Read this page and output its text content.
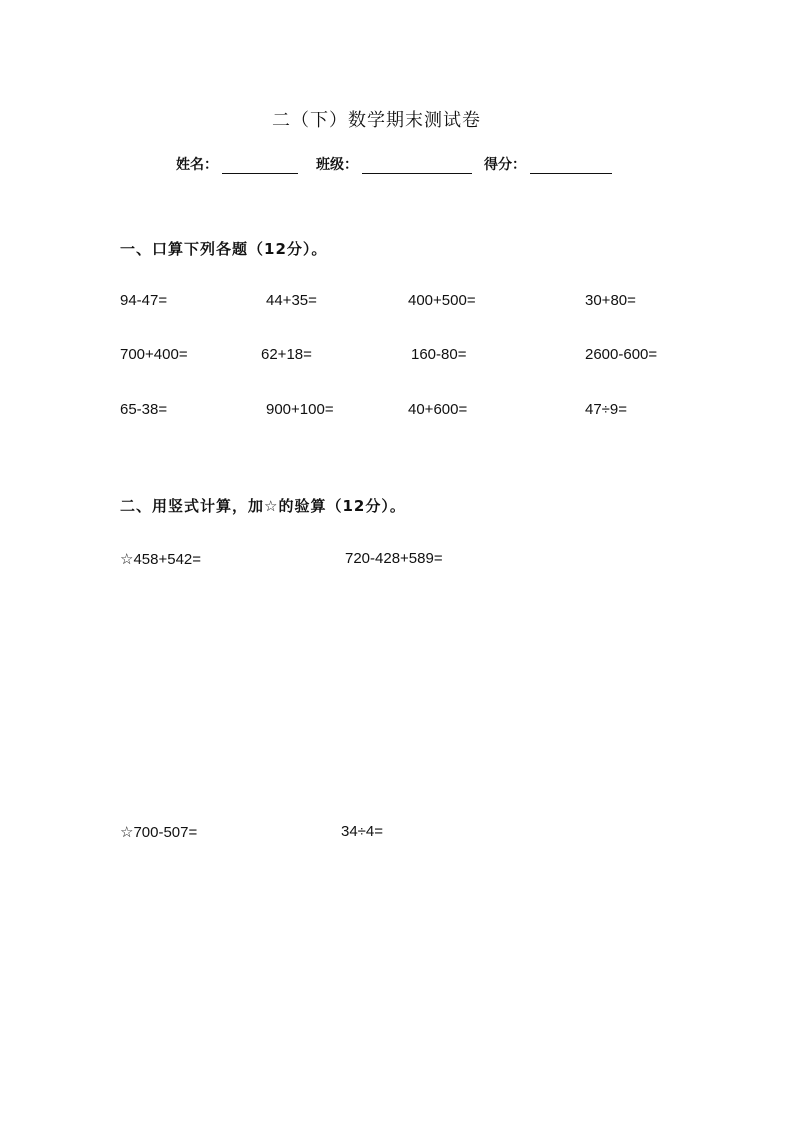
二（下）数学期末测试卷
姓名：	班级：	得分：
一、口算下列各题（12分）。
94-47=	44+35=	400+500=	30+80=
700+400=	62+18=	160-80=	2600-600=
65-38=	900+100=	40+600=	47÷9=
二、用竖式计算，加☆的验算（12分）。
☆458+542=	720-428+589=
☆700-507=	34÷4=
